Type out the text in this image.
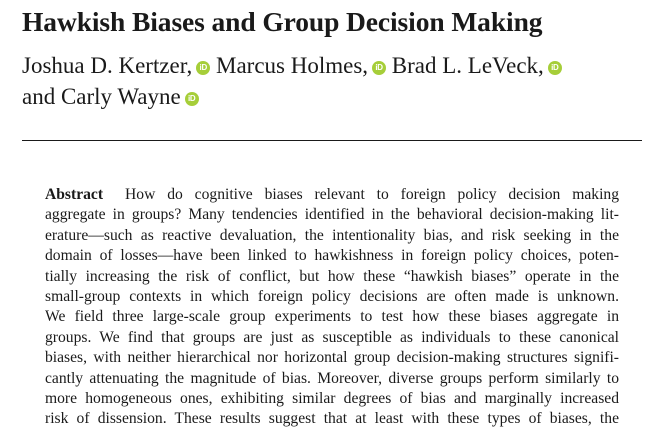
Hawkish Biases and Group Decision Making
Joshua D. Kertzer, iD Marcus Holmes, iD Brad L. LeVeck, iD
and Carly Wayne iD
Abstract How do cognitive biases relevant to foreign policy decision making
aggregate in groups? Many tendencies identified in the behavioral decision-making lit-
erature—such as reactive devaluation, the intentionality bias, and risk seeking in the
domain of losses—have been linked to hawkishness in foreign policy choices, poten-
tially increasing the risk of conflict, but how these “hawkish biases” operate in the
small-group contexts in which foreign policy decisions are often made is unknown.
We field three large-scale group experiments to test how these biases aggregate in
groups. We find that groups are just as susceptible as individuals to these canonical
biases, with neither hierarchical nor horizontal group decision-making structures signifi-
cantly attenuating the magnitude of bias. Moreover, diverse groups perform similarly to
more homogeneous ones, exhibiting similar degrees of bias and marginally increased
risk of dissension. These results suggest that at least with these types of biases, the
